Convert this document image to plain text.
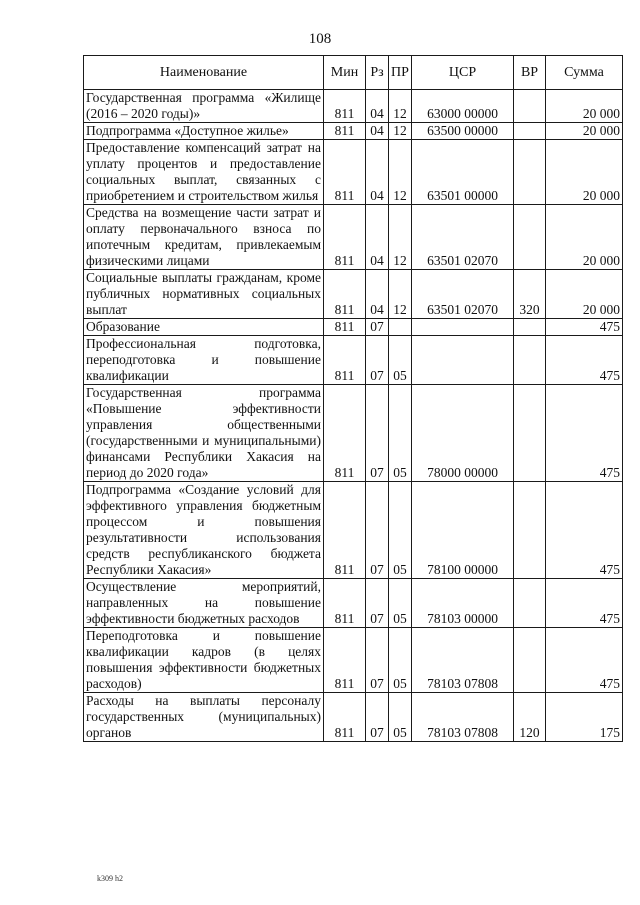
108
Наименование	Мин	Рз	ПР	ЦСР	ВР	Сумма
Государственная программа «Жилище (2016 – 2020 годы)»	811	04	12	63000 00000		20 000
Подпрограмма «Доступное жилье»	811	04	12	63500 00000		20 000
Предоставление компенсаций затрат на уплату процентов и предоставление социальных выплат, связанных с приобретением и строительством жилья	811	04	12	63501 00000		20 000
Средства на возмещение части затрат и оплату первоначального взноса по ипотечным кредитам, привлекаемым физическими лицами	811	04	12	63501 02070		20 000
Социальные выплаты гражданам, кроме публичных нормативных социальных выплат	811	04	12	63501 02070	320	20 000
Образование	811	07				475
Профессиональная подготовка, переподготовка и повышение квалификации	811	07	05			475
Государственная программа «Повышение эффективности управления общественными (государственными и муниципальными) финансами Республики Хакасия на период до 2020 года»	811	07	05	78000 00000		475
Подпрограмма «Создание условий для эффективного управления бюджетным процессом и повышения результативности использования средств республиканского бюджета Республики Хакасия»	811	07	05	78100 00000		475
Осуществление мероприятий, направленных на повышение эффективности бюджетных расходов	811	07	05	78103 00000		475
Переподготовка и повышение квалификации кадров (в целях повышения эффективности бюджетных расходов)	811	07	05	78103 07808		475
Расходы на выплаты персоналу государственных (муниципальных) органов	811	07	05	78103 07808	120	175
k309 h2
